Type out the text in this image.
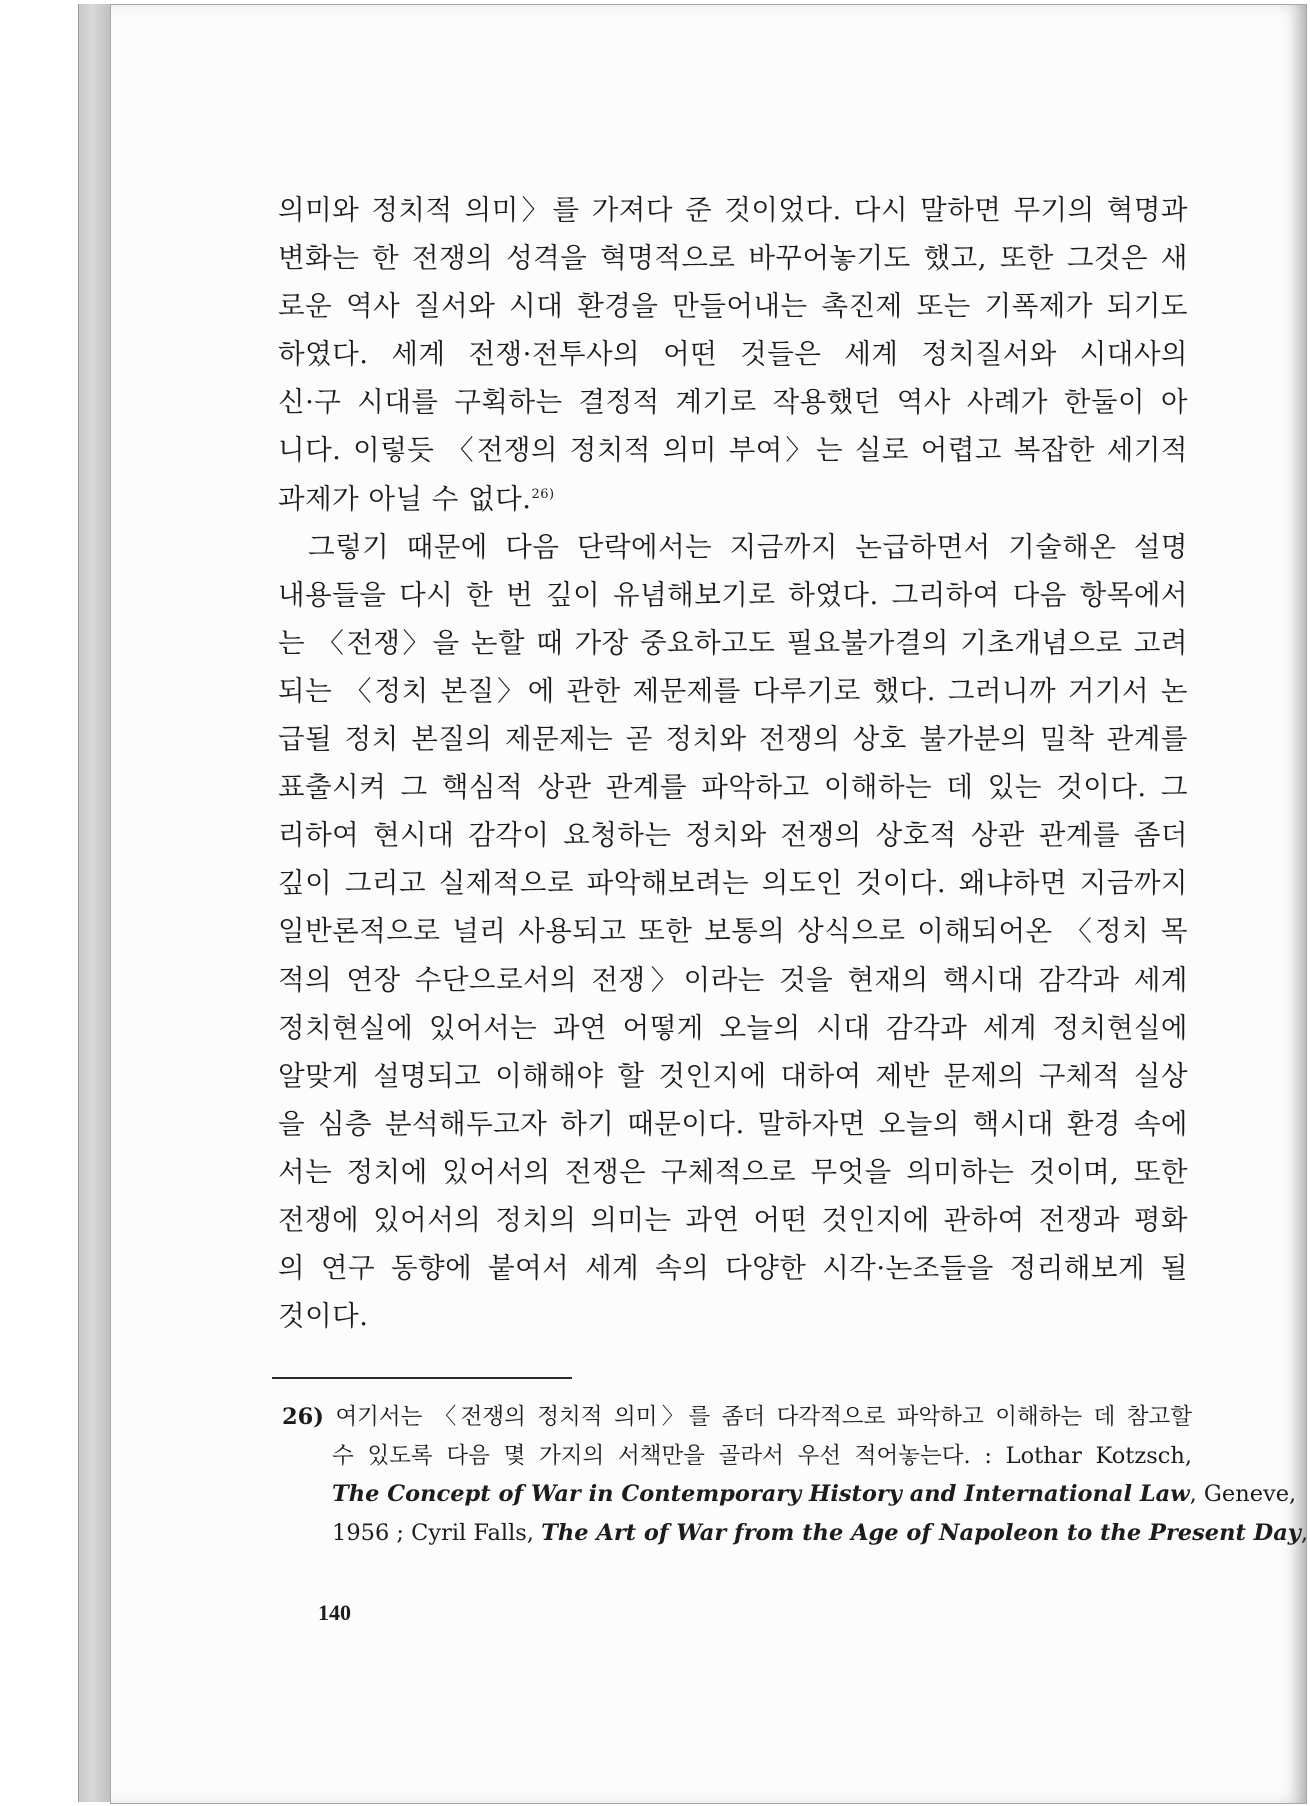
의미와 정치적 의미〉를 가져다 준 것이었다. 다시 말하면 무기의 혁명과
변화는 한 전쟁의 성격을 혁명적으로 바꾸어놓기도 했고, 또한 그것은 새
로운 역사 질서와 시대 환경을 만들어내는 촉진제 또는 기폭제가 되기도
하였다. 세계 전쟁·전투사의 어떤 것들은 세계 정치질서와 시대사의
신·구 시대를 구획하는 결정적 계기로 작용했던 역사 사례가 한둘이 아
니다. 이렇듯 〈전쟁의 정치적 의미 부여〉는 실로 어렵고 복잡한 세기적
과제가 아닐 수 없다.$^{26)}$
그렇기 때문에 다음 단락에서는 지금까지 논급하면서 기술해온 설명
내용들을 다시 한 번 깊이 유념해보기로 하였다. 그리하여 다음 항목에서
는 〈전쟁〉을 논할 때 가장 중요하고도 필요불가결의 기초개념으로 고려
되는 〈정치 본질〉에 관한 제문제를 다루기로 했다. 그러니까 거기서 논
급될 정치 본질의 제문제는 곧 정치와 전쟁의 상호 불가분의 밀착 관계를
표출시켜 그 핵심적 상관 관계를 파악하고 이해하는 데 있는 것이다. 그
리하여 현시대 감각이 요청하는 정치와 전쟁의 상호적 상관 관계를 좀더
깊이 그리고 실제적으로 파악해보려는 의도인 것이다. 왜냐하면 지금까지
일반론적으로 널리 사용되고 또한 보통의 상식으로 이해되어온 〈정치 목
적의 연장 수단으로서의 전쟁〉이라는 것을 현재의 핵시대 감각과 세계
정치현실에 있어서는 과연 어떻게 오늘의 시대 감각과 세계 정치현실에
알맞게 설명되고 이해해야 할 것인지에 대하여 제반 문제의 구체적 실상
을 심층 분석해두고자 하기 때문이다. 말하자면 오늘의 핵시대 환경 속에
서는 정치에 있어서의 전쟁은 구체적으로 무엇을 의미하는 것이며, 또한
전쟁에 있어서의 정치의 의미는 과연 어떤 것인지에 관하여 전쟁과 평화
의 연구 동향에 붙여서 세계 속의 다양한 시각·논조들을 정리해보게 될
것이다.
26) 여기서는 〈전쟁의 정치적 의미〉를 좀더 다각적으로 파악하고 이해하는 데 참고할
수 있도록 다음 몇 가지의 서책만을 골라서 우선 적어놓는다. : Lothar Kotzsch,
The Concept of War in Contemporary History and International Law, Geneve,
1956 ; Cyril Falls, The Art of War from the Age of Napoleon to the Present Day,
140
